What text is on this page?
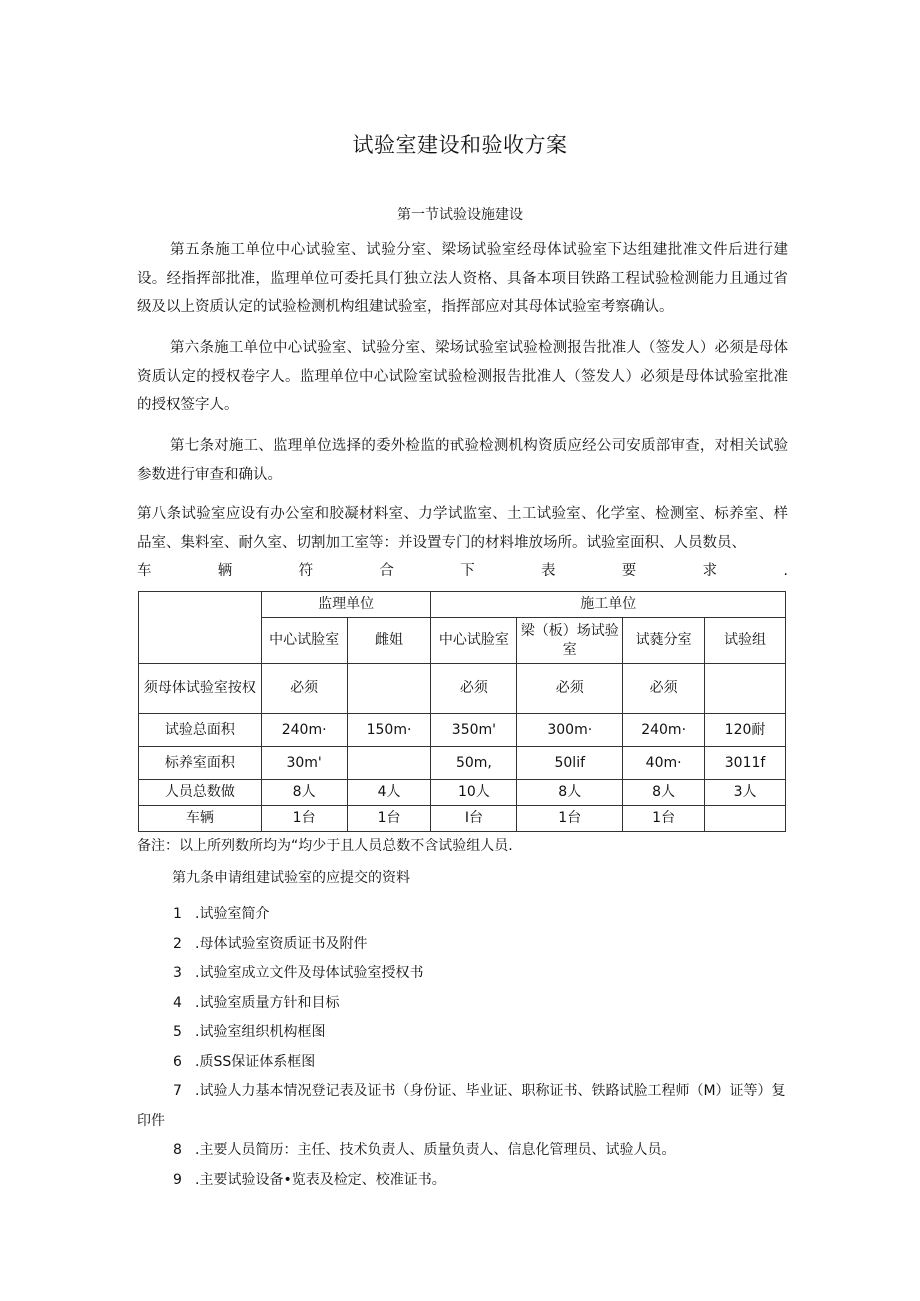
试验室建设和验收方案
第一节试验设施建设
第五条施工单位中心试验室、试验分室、梁场试验室经母体试验室下达组建批准文件后进行建设。经指挥部批准，监理单位可委托具仃独立法人资格、具备本项目铁路工程试验检测能力且通过省级及以上资质认定的试验检测机构组建试验室，指挥部应对其母体试验室考察确认。
第六条施工单位中心试验室、试验分室、梁场试验室试验检测报告批准人（签发人）必须是母体资质认定的授权卷字人。监理单位中心试险室试验检测报告批准人（签发人）必须是母体试验室批准的授权签字人。
第七条对施工、监理单位选择的委外检监的甙验检测机构资质应经公司安质部审查，对相关试验参数进行审查和确认。
第八条试验室应设有办公室和胶凝材料室、力学试监室、土工试验室、化学室、检测室、标养室、样品室、集料室、耐久室、切割加工室等：并设置专门的材料堆放场所。试验室面积、人员数员、
车	辆	符	合	下	表	要	求	.
	监理单位		施工单位			
	中心试脸室	雌姐	中心试脸室	梁（板）场试验室	试蕤分室	试验组
须母体试验室按权	必须		必须	必须	必须	
试验总面积	240m·	150m·	350m'	300m·	240m·	120耐
标养室面积	30m'		50m,	50lif	40m·	3011f
人员总数做	8人	4人	10人	8人	8人	3人
车辆	1台	1台	I台	1台	1台	
备注：以上所列数所均为“均少于且人员总数不含试验组人员.
第九条申请组建试验室的应提交的资料
1 .试验室简介
2 .母体试验室资质证书及附件
3 .试验室成立文件及母体试验室授权书
4 .试验室质量方针和目标
5 .试验室组织机构框图
6 .质SS保证体系框图
7 .试验人力基本情况登记表及证书（身份证、毕业证、职称证书、铁路试脸工程师（M）证等）复印件
8 .主要人员简历：主任、技术负责人、质量负责人、信息化管理员、试验人员。
9 .主要试验设备•览表及检定、校准证书。
